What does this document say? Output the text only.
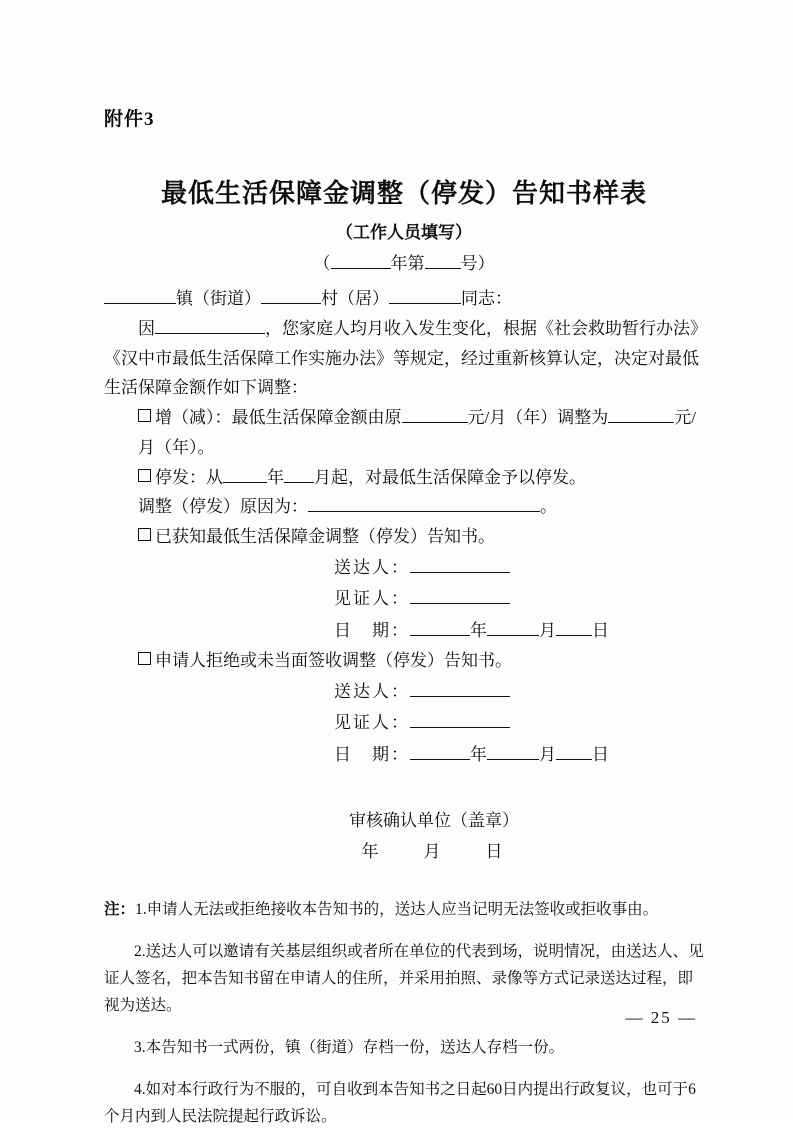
附件3

最低生活保障金调整（停发）告知书样表

（工作人员填写）

（	年第 号）

镇（街道）	村（居）	同志：

因	，您家庭人均月收入发生变化，根据《社会救助暂行办法》《汉中市最低生活保障工作实施办法》等规定，经过重新核算认定，决定对最低生活保障金额作如下调整：

增（减）：最低生活保障金额由原	元/月（年）调整为	元/月（年）。

停发：从	年 月起，对最低生活保障金予以停发。

调整（停发）原因为：	。

已获知最低生活保障金调整（停发）告知书。

送达人：

见证人：

日　期：	年	月 日

申请人拒绝或未当面签收调整（停发）告知书。

送达人：

见证人：

日　期：	年	月 日

审核确认单位（盖章）

年　月　日

注：1.申请人无法或拒绝接收本告知书的，送达人应当记明无法签收或拒收事由。

2.送达人可以邀请有关基层组织或者所在单位的代表到场，说明情况，由送达人、见证人签名，把本告知书留在申请人的住所，并采用拍照、录像等方式记录送达过程，即视为送达。

3.本告知书一式两份，镇（街道）存档一份，送达人存档一份。

4.如对本行政行为不服的，可自收到本告知书之日起60日内提出行政复议，也可于6个月内到人民法院提起行政诉讼。

— 25 —
